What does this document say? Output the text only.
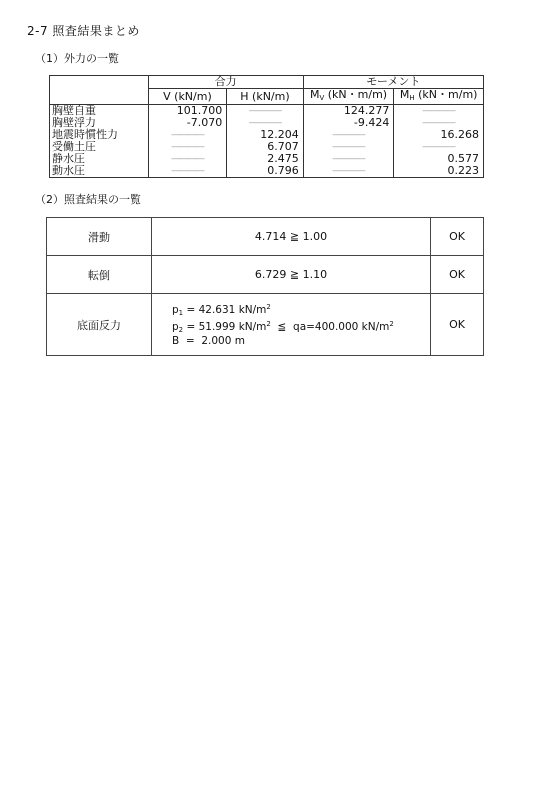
2-7 照査結果まとめ
（1）外力の一覧
	合力		モーメント	
	V (kN/m)	H (kN/m)	$M_V$ (kN・m/m)	$M_H$ (kN・m/m)
胸壁自重	101.700	――――	124.277	――――
胸壁浮力	-7.070	――――	-9.424	――――
地震時慣性力	――――	12.204	――――	16.268
受働土圧	――――	6.707	――――	――――
静水圧	――――	2.475	――――	0.577
動水圧	――――	0.796	――――	0.223
（2）照査結果の一覧
滑動	4.714 ≧ 1.00	OK
転倒	6.729 ≧ 1.10	OK
底面反力	$p_1 = 42.631$ $kN/m^2$
$p_2 = 51.999$ $kN/m^2$  ≦  qa=400.000 $kN/m^2$
B  =  2.000 m	OK
